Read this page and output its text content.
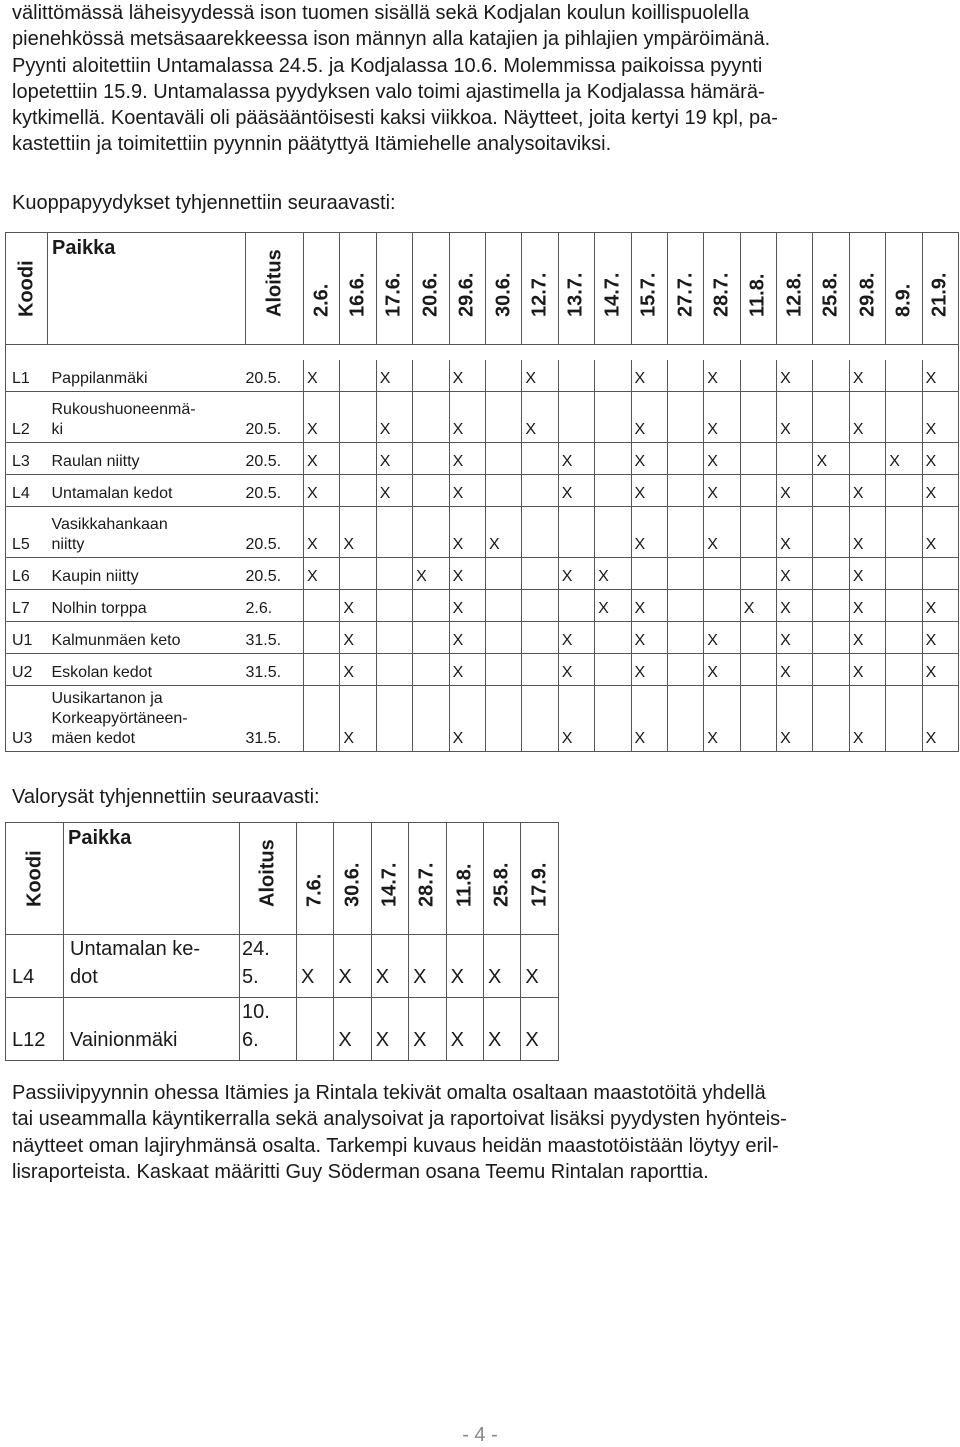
välittömässä läheisyydessä ison tuomen sisällä sekä Kodjalan koulun koillispuolella
pienehkössä metsäsaarekkeessa ison männyn alla katajien ja pihlajien ympäröimänä.
Pyynti aloitettiin Untamalassa 24.5. ja Kodjalassa 10.6. Molemmissa paikoissa pyynti
lopetettiin 15.9. Untamalassa pyydyksen valo toimi ajastimella ja Kodjalassa hämärä-
kytkimellä. Koentaväli oli pääsääntöisesti kaksi viikkoa. Näytteet, joita kertyi 19 kpl, pa-
kastettiin ja toimitettiin pyynnin päätyttyä Itämiehelle analysoitaviksi.
Kuoppapyydykset tyhjennettiin seuraavasti:
Koodi	Paikka	Aloitus	2.6.	16.6.	17.6.	20.6.	29.6.	30.6.	12.7.	13.7.	14.7.	15.7.	27.7.	28.7.	11.8.	12.8.	25.8.	29.8.	8.9.	21.9.

L1	Pappilanmäki	20.5.	X		X		X		X			X		X		X		X		X
L2	Rukoushuoneenmä-
ki	20.5.	X		X		X		X			X		X		X		X		X
L3	Raulan niitty	20.5.	X		X		X			X		X		X			X		X	X
L4	Untamalan kedot	20.5.	X		X		X			X		X		X		X		X		X
L5	Vasikkahankaan
niitty	20.5.	X	X			X	X				X		X		X		X		X
L6	Kaupin niitty	20.5.	X			X	X			X	X					X		X		
L7	Nolhin torppa	2.6.		X			X				X	X			X	X		X		X
U1	Kalmunmäen keto	31.5.		X			X			X		X		X		X		X		X
U2	Eskolan kedot	31.5.		X			X			X		X		X		X		X		X
U3	Uusikartanon ja
Korkeapyörtäneen-
mäen kedot	31.5.		X			X			X		X		X		X		X		X
Valorysät tyhjennettiin seuraavasti:
Koodi	Paikka	Aloitus	7.6.	30.6.	14.7.	28.7.	11.8.	25.8.	17.9.

L4	Untamalan ke-
dot	24.
5.	X	X	X	X	X	X	X
L12	Vainionmäki	10.
6.		X	X	X	X	X	X
Passiivipyynnin ohessa Itämies ja Rintala tekivät omalta osaltaan maastotöitä yhdellä
tai useammalla käyntikerralla sekä analysoivat ja raportoivat lisäksi pyydysten hyönteis-
näytteet oman lajiryhmänsä osalta. Tarkempi kuvaus heidän maastotöistään löytyy eril-
lisraporteista. Kaskaat määritti Guy Söderman osana Teemu Rintalan raporttia.
- 4 -
